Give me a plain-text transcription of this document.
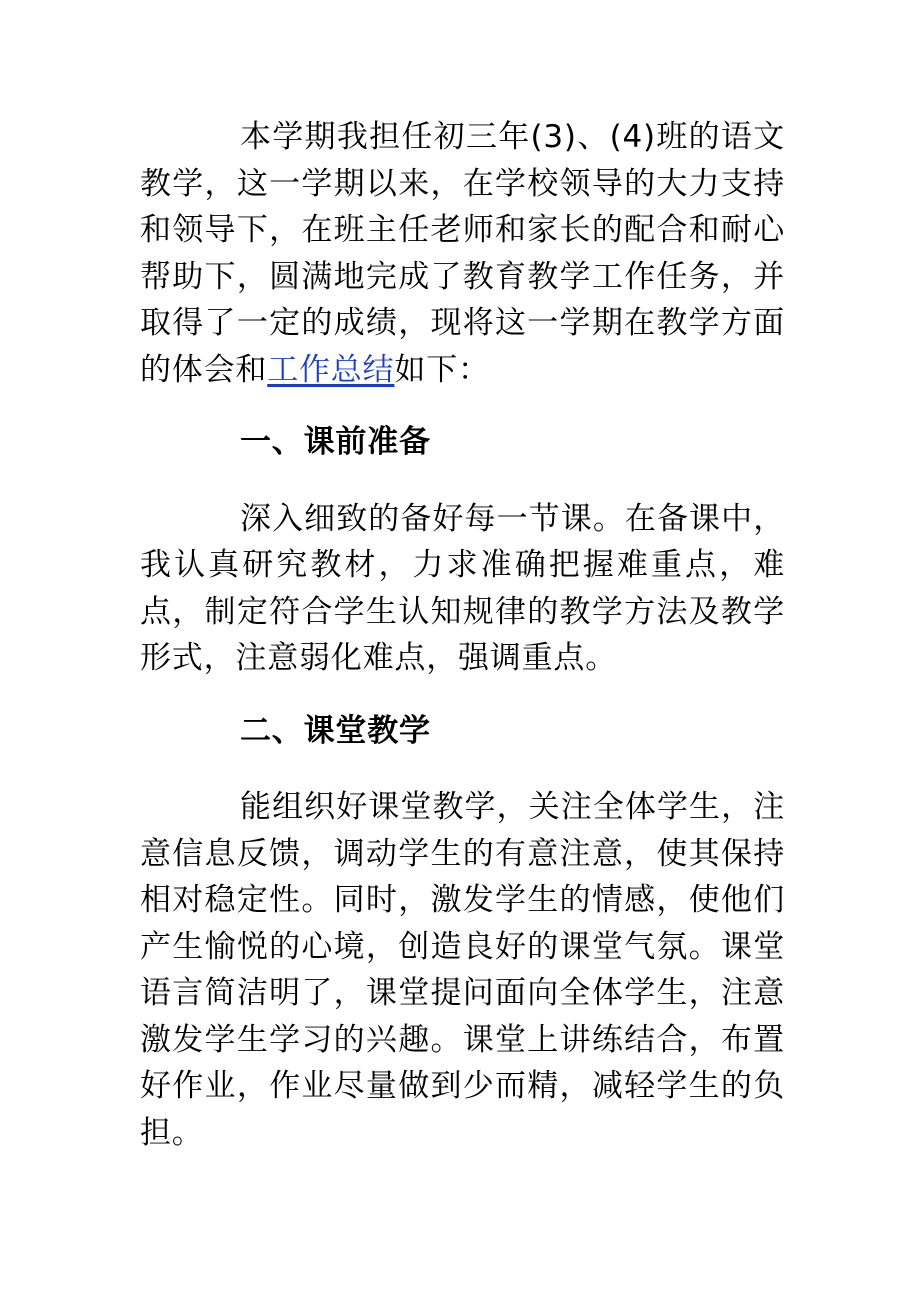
本学期我担任初三年(3)、(4)班的语文教学，这一学期以来，在学校领导的大力支持和领导下，在班主任老师和家长的配合和耐心帮助下，圆满地完成了教育教学工作任务，并取得了一定的成绩，现将这一学期在教学方面的体会和工作总结如下：

一、课前准备

深入细致的备好每一节课。在备课中，我认真研究教材，力求准确把握难重点，难点，制定符合学生认知规律的教学方法及教学形式，注意弱化难点，强调重点。

二、课堂教学

能组织好课堂教学，关注全体学生，注意信息反馈，调动学生的有意注意，使其保持相对稳定性。同时，激发学生的情感，使他们产生愉悦的心境，创造良好的课堂气氛。课堂语言简洁明了，课堂提问面向全体学生，注意激发学生学习的兴趣。课堂上讲练结合，布置好作业，作业尽量做到少而精，减轻学生的负担。
